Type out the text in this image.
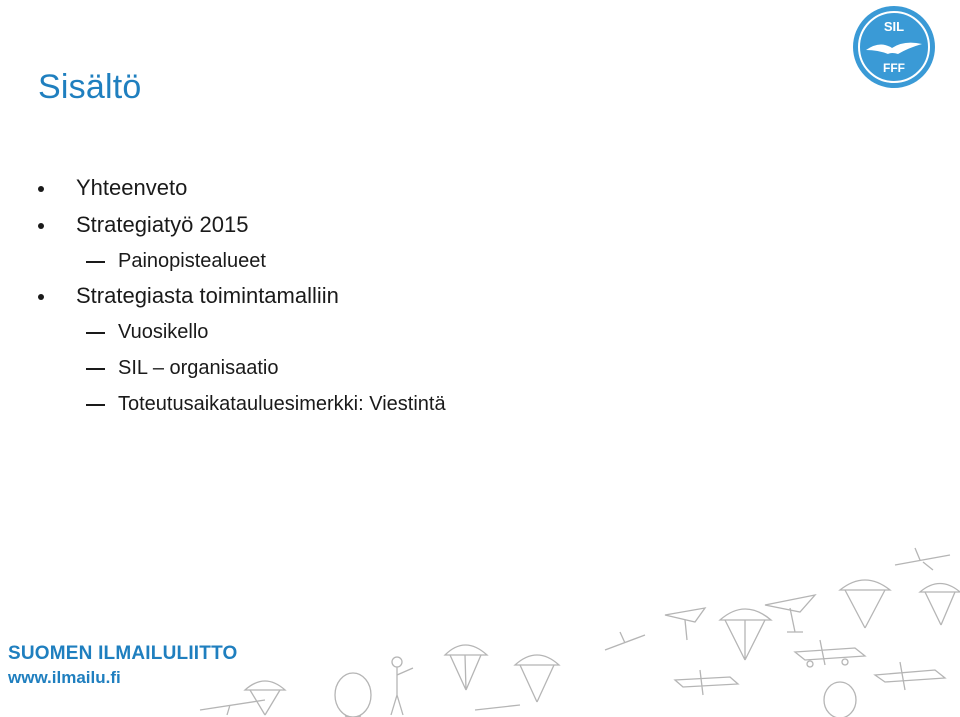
Sisältö
SIL
FFF
Yhteenveto
Strategiatyö 2015
Painopistealueet
Strategiasta toimintamalliin
Vuosikello
SIL – organisaatio
Toteutusaikatauluesimerkki: Viestintä
SUOMEN ILMAILULIITTO
www.ilmailu.fi
